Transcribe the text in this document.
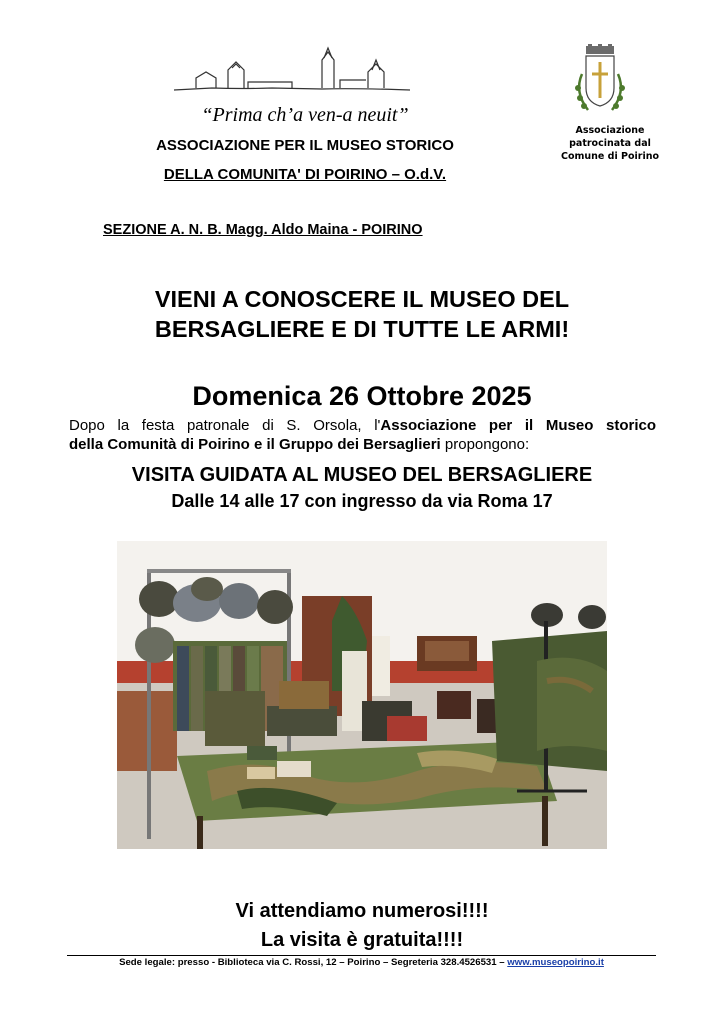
“Prima ch’a ven-a neuit”
ASSOCIAZIONE PER IL MUSEO STORICO
DELLA COMUNITA' DI POIRINO – O.d.V.
Associazione
patrocinata dal
Comune di Poirino
SEZIONE A. N. B. Magg. Aldo Maina - POIRINO
VIENI A CONOSCERE IL MUSEO DEL
BERSAGLIERE E DI TUTTE LE ARMI!
Domenica 26 Ottobre 2025
Dopo la festa patronale di S. Orsola, l'Associazione per il Museo storico
della Comunità di Poirino e il Gruppo dei Bersaglieri propongono:
VISITA GUIDATA AL MUSEO DEL BERSAGLIERE
Dalle 14 alle 17 con ingresso da via Roma 17
Vi attendiamo numerosi!!!!
La visita è gratuita!!!!
Sede legale: presso - Biblioteca via C. Rossi, 12 – Poirino – Segreteria 328.4526531 – www.museopoirino.it
